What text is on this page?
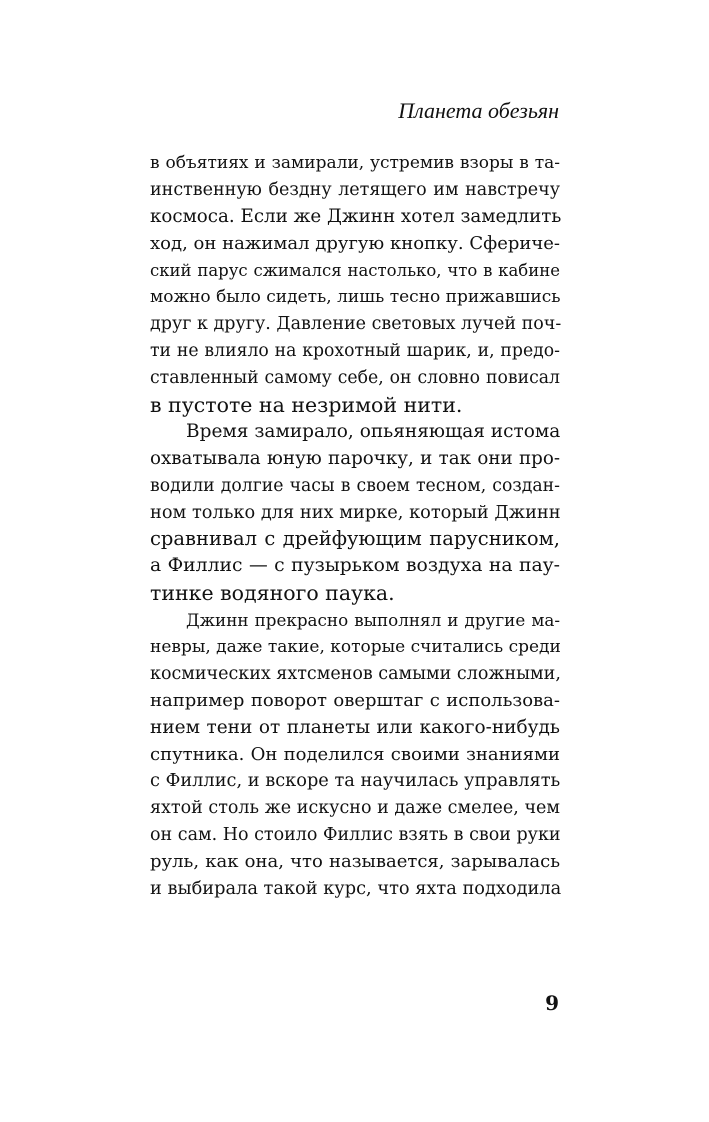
Планета обезьян
в объятиях и замирали, устремив взоры в та-
инственную бездну летящего им навстречу
космоса. Если же Джинн хотел замедлить
ход, он нажимал другую кнопку. Сфериче-
ский парус сжимался настолько, что в кабине
можно было сидеть, лишь тесно прижавшись
друг к другу. Давление световых лучей поч-
ти не влияло на крохотный шарик, и, предо-
ставленный самому себе, он словно повисал
в пустоте на незримой нити.
Время замирало, опьяняющая истома
охватывала юную парочку, и так они про-
водили долгие часы в своем тесном, создан-
ном только для них мирке, который Джинн
сравнивал с дрейфующим парусником,
а Филлис — с пузырьком воздуха на пау-
тинке водяного паука.
Джинн прекрасно выполнял и другие ма-
невры, даже такие, которые считались среди
космических яхтсменов самыми сложными,
например поворот оверштаг с использова-
нием тени от планеты или какого-нибудь
спутника. Он поделился своими знаниями
с Филлис, и вскоре та научилась управлять
яхтой столь же искусно и даже смелее, чем
он сам. Но стоило Филлис взять в свои руки
руль, как она, что называется, зарывалась
и выбирала такой курс, что яхта подходила
9
